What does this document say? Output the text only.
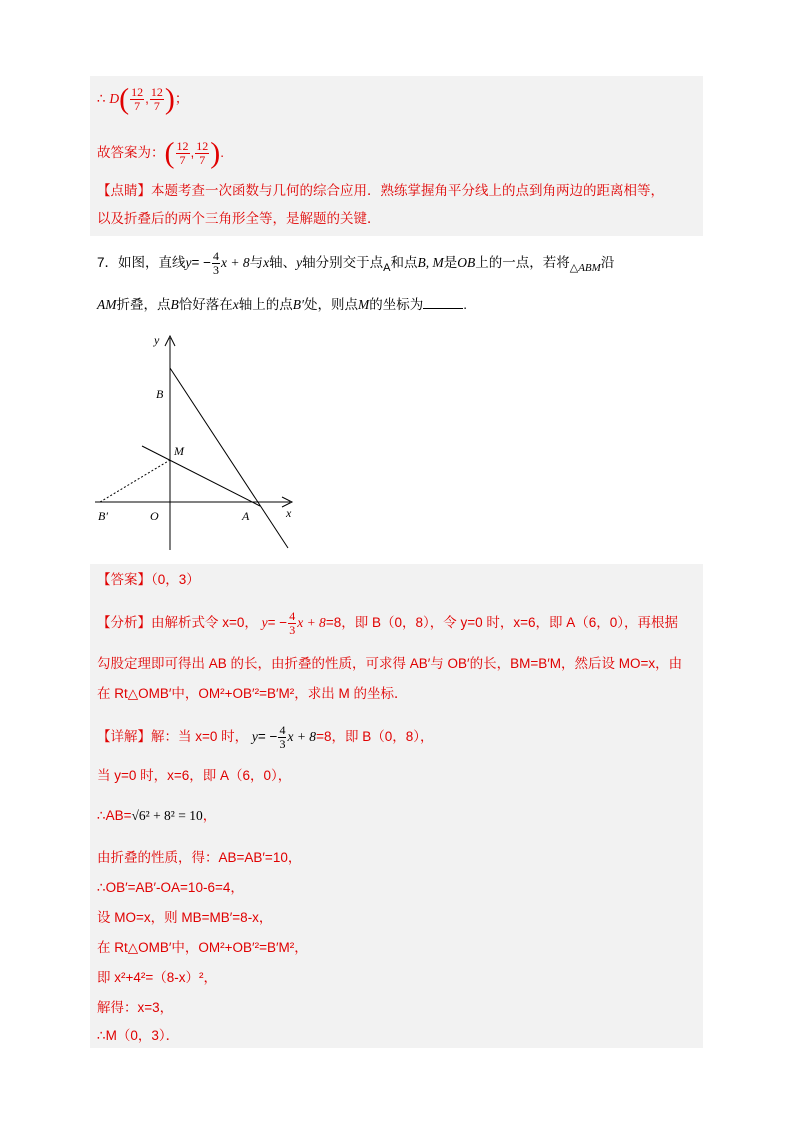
∴ $D( \frac{12}{7}$ , $\frac{12}{7}$ )；
故答案为：( $\frac{12}{7}$ , $\frac{12}{7}$ ).
【点睛】本题考查一次函数与几何的综合应用．熟练掌握角平分线上的点到角两边的距离相等，
以及折叠后的两个三角形全等，是解题的关键．
7．如图，直线$y= - \frac{4}{3}$ x + 8与x轴、y轴分别交于点$_A$和点B, M是OB上的一点，若将$_{\triangle ABM}$沿
AM折叠，点B恰好落在x轴上的点B′处，则点M的坐标为	.
y
x
B
M
B′	O	A
【答案】（0，3）
【分析】由解析式令 x=0， $y= - \frac{4}{3}$ x + 8=8，即 B（0，8），令 y=0 时，x=6，即 A（6，0），再根据
勾股定理即可得出 AB 的长，由折叠的性质，可求得 AB′与 OB′的长，BM=B′M，然后设 MO=x，由
在 Rt△OMB′中，OM²+OB′²=B′M²，求出 M 的坐标．
【详解】解：当 x=0 时， $y= - \frac{4}{3}$ x + 8=8，即 B（0，8），
当 y=0 时，x=6，即 A（6，0），
∴AB=√6² + 8² = 10，
由折叠的性质，得：AB=AB′=10，
∴OB′=AB′-OA=10-6=4，
设 MO=x，则 MB=MB′=8-x，
在 Rt△OMB′中，OM²+OB′²=B′M²，
即 x²+4²=（8-x）²，
解得：x=3，
∴M（0，3）．
